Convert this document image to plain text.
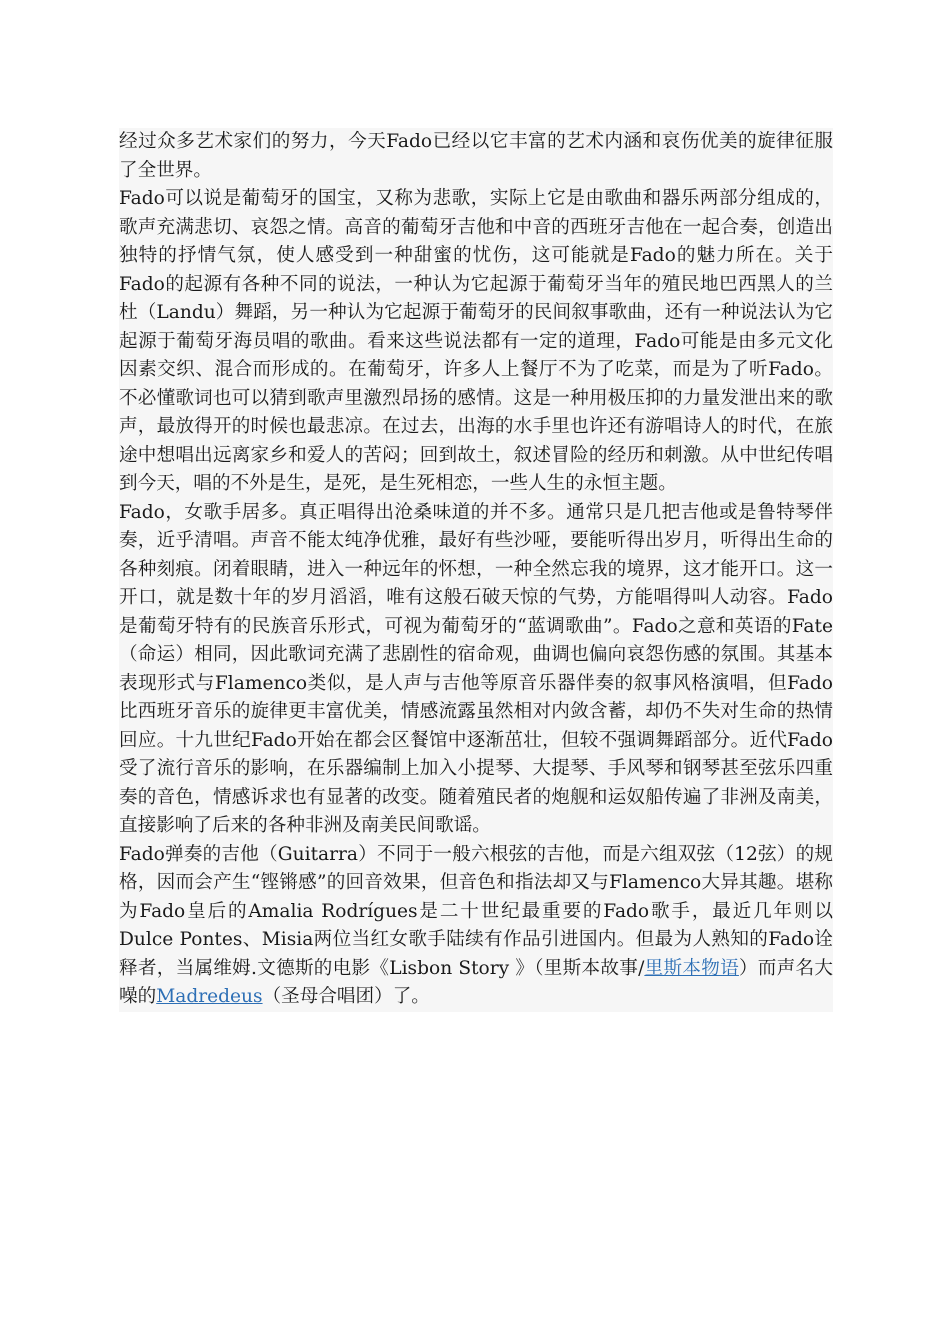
经过众多艺术家们的努力，今天Fado已经以它丰富的艺术内涵和哀伤优美的旋律征服了全世界。

Fado可以说是葡萄牙的国宝，又称为悲歌，实际上它是由歌曲和器乐两部分组成的，歌声充满悲切、哀怨之情。高音的葡萄牙吉他和中音的西班牙吉他在一起合奏，创造出独特的抒情气氛，使人感受到一种甜蜜的忧伤，这可能就是Fado的魅力所在。关于Fado的起源有各种不同的说法，一种认为它起源于葡萄牙当年的殖民地巴西黑人的兰杜（Landu）舞蹈，另一种认为它起源于葡萄牙的民间叙事歌曲，还有一种说法认为它起源于葡萄牙海员唱的歌曲。看来这些说法都有一定的道理，Fado可能是由多元文化因素交织、混合而形成的。在葡萄牙，许多人上餐厅不为了吃菜，而是为了听Fado。不必懂歌词也可以猜到歌声里激烈昂扬的感情。这是一种用极压抑的力量发泄出来的歌声，最放得开的时候也最悲凉。在过去，出海的水手里也许还有游唱诗人的时代，在旅途中想唱出远离家乡和爱人的苦闷；回到故土，叙述冒险的经历和刺激。从中世纪传唱到今天，唱的不外是生，是死，是生死相恋，一些人生的永恒主题。

Fado，女歌手居多。真正唱得出沧桑味道的并不多。通常只是几把吉他或是鲁特琴伴奏，近乎清唱。声音不能太纯净优雅，最好有些沙哑，要能听得出岁月，听得出生命的各种刻痕。闭着眼睛，进入一种远年的怀想，一种全然忘我的境界，这才能开口。这一开口，就是数十年的岁月滔滔，唯有这般石破天惊的气势，方能唱得叫人动容。Fado是葡萄牙特有的民族音乐形式，可视为葡萄牙的“蓝调歌曲”。Fado之意和英语的Fate（命运）相同，因此歌词充满了悲剧性的宿命观，曲调也偏向哀怨伤感的氛围。其基本表现形式与Flamenco类似，是人声与吉他等原音乐器伴奏的叙事风格演唱，但Fado比西班牙音乐的旋律更丰富优美，情感流露虽然相对内敛含蓄，却仍不失对生命的热情回应。十九世纪Fado开始在都会区餐馆中逐渐茁壮，但较不强调舞蹈部分。近代Fado受了流行音乐的影响，在乐器编制上加入小提琴、大提琴、手风琴和钢琴甚至弦乐四重奏的音色，情感诉求也有显著的改变。随着殖民者的炮舰和运奴船传遍了非洲及南美，直接影响了后来的各种非洲及南美民间歌谣。

Fado弹奏的吉他（Guitarra）不同于一般六根弦的吉他，而是六组双弦（12弦）的规格，因而会产生“铿锵感”的回音效果，但音色和指法却又与Flamenco大异其趣。堪称为Fado皇后的Amalia Rodrígues是二十世纪最重要的Fado歌手，最近几年则以Dulce Pontes、Misia两位当红女歌手陆续有作品引进国内。但最为人熟知的Fado诠释者，当属维姆.文德斯的电影《Lisbon Story 》（里斯本故事/里斯本物语）而声名大噪的Madredeus（圣母合唱团）了。
